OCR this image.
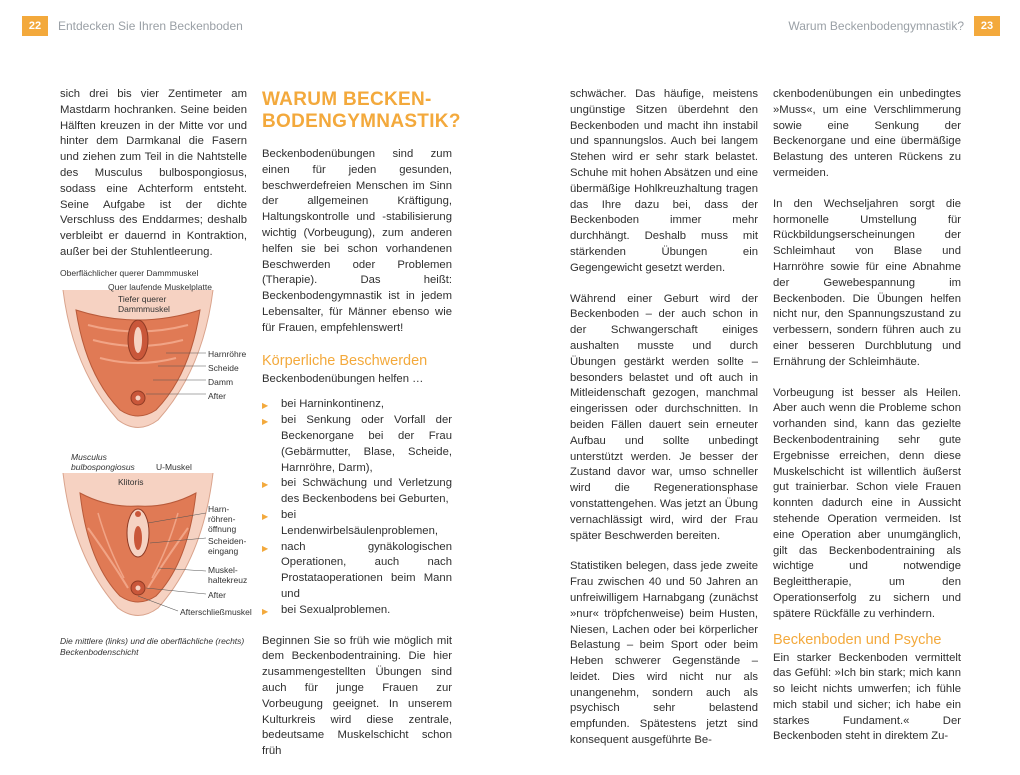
22	Entdecken Sie Ihren Beckenboden	Warum Beckenbodengymnastik?	23

sich drei bis vier Zentimeter am Mastdarm hochranken. Seine beiden Hälften kreuzen in der Mitte vor und hinter dem Darmkanal die Fasern und ziehen zum Teil in die Nahtstelle des Musculus bulbospongiosus, sodass eine Achterform entsteht. Seine Aufgabe ist der dichte Verschluss des Enddarmes; deshalb verbleibt er dauernd in Kontraktion, außer bei der Stuhlentleerung.

Oberflächlicher querer Dammmuskel
Quer laufende Muskelplatte
Tiefer querer
Dammmuskel
Harnröhre
Scheide
Damm
After
Musculus
bulbospongiosus U-Muskel
Klitoris
Harn-
röhren-
öffnung
Scheiden-
eingang
Muskel-
haltekreuz
After
Afterschließmuskel
Die mittlere (links) und die oberflächliche (rechts)
Beckenbodenschicht
WARUM BECKEN-
BODENGYMNASTIK?

Beckenbodenübungen sind zum einen für jeden gesunden, beschwerdefreien Menschen im Sinn der allgemeinen Kräftigung, Haltungskontrolle und -stabilisierung wichtig (Vorbeugung), zum anderen helfen sie bei schon vorhandenen Beschwerden oder Problemen (Therapie). Das heißt: Beckenbodengymnastik ist in jedem Lebensalter, für Männer ebenso wie für Frauen, empfehlenswert!

Körperliche Beschwerden

Beckenbodenübungen helfen …

▶ bei Harninkontinenz,
▶ bei Senkung oder Vorfall der Beckenorgane bei der Frau (Gebärmutter, Blase, Scheide, Harnröhre, Darm),
▶ bei Schwächung und Verletzung des Beckenbodens bei Geburten,
▶ bei Lendenwirbelsäulenproblemen,
▶ nach gynäkologischen Operationen, auch nach Prostataoperationen beim Mann und
▶ bei Sexualproblemen.

Beginnen Sie so früh wie möglich mit dem Beckenbodentraining. Die hier zusammengestellten Übungen sind auch für junge Frauen zur Vorbeugung geeignet. In unserem Kulturkreis wird diese zentrale, bedeutsame Muskelschicht schon früh

schwächer. Das häufige, meistens ungünstige Sitzen überdehnt den Beckenboden und macht ihn instabil und spannungslos. Auch bei langem Stehen wird er sehr stark belastet. Schuhe mit hohen Absätzen und eine übermäßige Hohlkreuzhaltung tragen das Ihre dazu bei, dass der Beckenboden immer mehr durchhängt. Deshalb muss mit stärkenden Übungen ein Gegengewicht gesetzt werden.

Während einer Geburt wird der Beckenboden – der auch schon in der Schwangerschaft einiges aushalten musste und durch Übungen gestärkt werden sollte – besonders belastet und oft auch in Mitleidenschaft gezogen, manchmal eingerissen oder durchschnitten. In beiden Fällen dauert sein erneuter Aufbau und sollte unbedingt unterstützt werden. Je besser der Zustand davor war, umso schneller wird die Regenerationsphase vonstattengehen. Was jetzt an Übung vernachlässigt wird, wird der Frau später Beschwerden bereiten.

Statistiken belegen, dass jede zweite Frau zwischen 40 und 50 Jahren an unfreiwilligem Harnabgang (zunächst »nur« tröpfchenweise) beim Husten, Niesen, Lachen oder bei körperlicher Belastung – beim Sport oder beim Heben schwerer Gegenstände – leidet. Dies wird nicht nur als unangenehm, sondern auch als psychisch sehr belastend empfunden. Spätestens jetzt sind konsequent ausgeführte Be-

ckenbodenübungen ein unbedingtes »Muss«, um eine Verschlimmerung sowie eine Senkung der Beckenorgane und eine übermäßige Belastung des unteren Rückens zu vermeiden.

In den Wechseljahren sorgt die hormonelle Umstellung für Rückbildungserscheinungen der Schleimhaut von Blase und Harnröhre sowie für eine Abnahme der Gewebespannung im Beckenboden. Die Übungen helfen nicht nur, den Spannungszustand zu verbessern, sondern führen auch zu einer besseren Durchblutung und Ernährung der Schleimhäute.

Vorbeugung ist besser als Heilen. Aber auch wenn die Probleme schon vorhanden sind, kann das gezielte Beckenbodentraining sehr gute Ergebnisse erreichen, denn diese Muskelschicht ist willentlich äußerst gut trainierbar. Schon viele Frauen konnten dadurch eine in Aussicht stehende Operation vermeiden. Ist eine Operation aber unumgänglich, gilt das Beckenbodentraining als wichtige und notwendige Begleittherapie, um den Operationserfolg zu sichern und spätere Rückfälle zu verhindern.

Beckenboden und Psyche

Ein starker Beckenboden vermittelt das Gefühl: »Ich bin stark; mich kann so leicht nichts umwerfen; ich fühle mich stabil und sicher; ich habe ein starkes Fundament.« Der Beckenboden steht in direktem Zu-
